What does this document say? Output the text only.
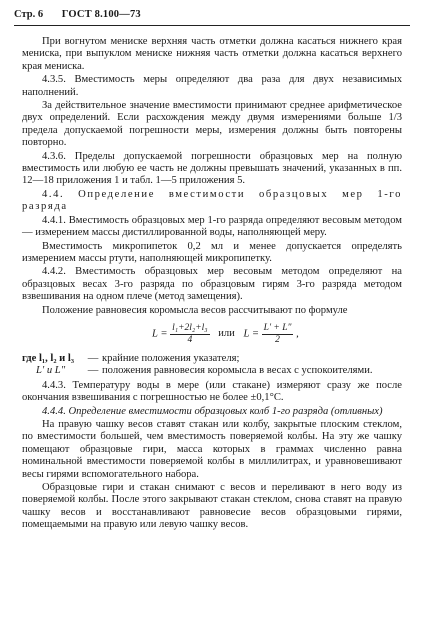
Стр. 6 ГОСТ 8.100—73

При вогнутом мениске верхняя часть отметки должна касаться нижнего края мениска, при выпуклом мениске нижняя часть отметки должна касаться верхнего края мениска.

4.3.5. Вместимость меры определяют два раза для двух независимых наполнений.

За действительное значение вместимости принимают среднее арифметическое двух определений. Если расхождения между двумя измерениями больше 1/3 предела допускаемой погрешности меры, измерения должны быть повторены повторно.

4.3.6. Пределы допускаемой погрешности образцовых мер на полную вместимость или любую ее часть не должны превышать значений, указанных в пп. 12—18 приложения 1 и табл. 1—5 приложения 5.

4.4. Определение вместимости образцовых мер 1-го разряда

4.4.1. Вместимость образцовых мер 1-го разряда определяют весовым методом — измерением массы дистиллированной воды, наполняющей меру.

Вместимость микропипеток 0,2 мл и менее допускается определять измерением массы ртути, наполняющей микропипетку.

4.4.2. Вместимость образцовых мер весовым методом определяют на образцовых весах 3-го разряда по образцовым гирям 3-го разряда методом взвешивания на одном плече (метод замещения).

Положение равновесия коромысла весов рассчитывают по формуле

$L = \frac{\text{l₁+2l₂+l₃}}{4}$ или $L = \frac{L' + L''}{2}$ ,
где l₁, l₂ и l₃	—	крайние положения указателя;
L′ и L″	—	положения равновесия коромысла в весах с успокоителями.

4.4.3. Температуру воды в мере (или стакане) измеряют сразу же после окончания взвешивания с погрешностью не более ±0,1°C.

4.4.4. Определение вместимости образцовых колб 1-го разряда (отливных)

На правую чашку весов ставят стакан или колбу, закрытые плоским стеклом, по вместимости большей, чем вместимость поверяемой колбы. На эту же чашку помещают образцовые гири, масса которых в граммах численно равна номинальной вместимости поверяемой колбы в миллилитрах, и уравновешивают весы гирями вспомогательного набора.

Образцовые гири и стакан снимают с весов и переливают в него воду из поверяемой колбы. После этого закрывают стакан стеклом, снова ставят на правую чашку весов и восстанавливают равновесие весов образцовыми гирями, помещаемыми на правую или левую чашку весов.
